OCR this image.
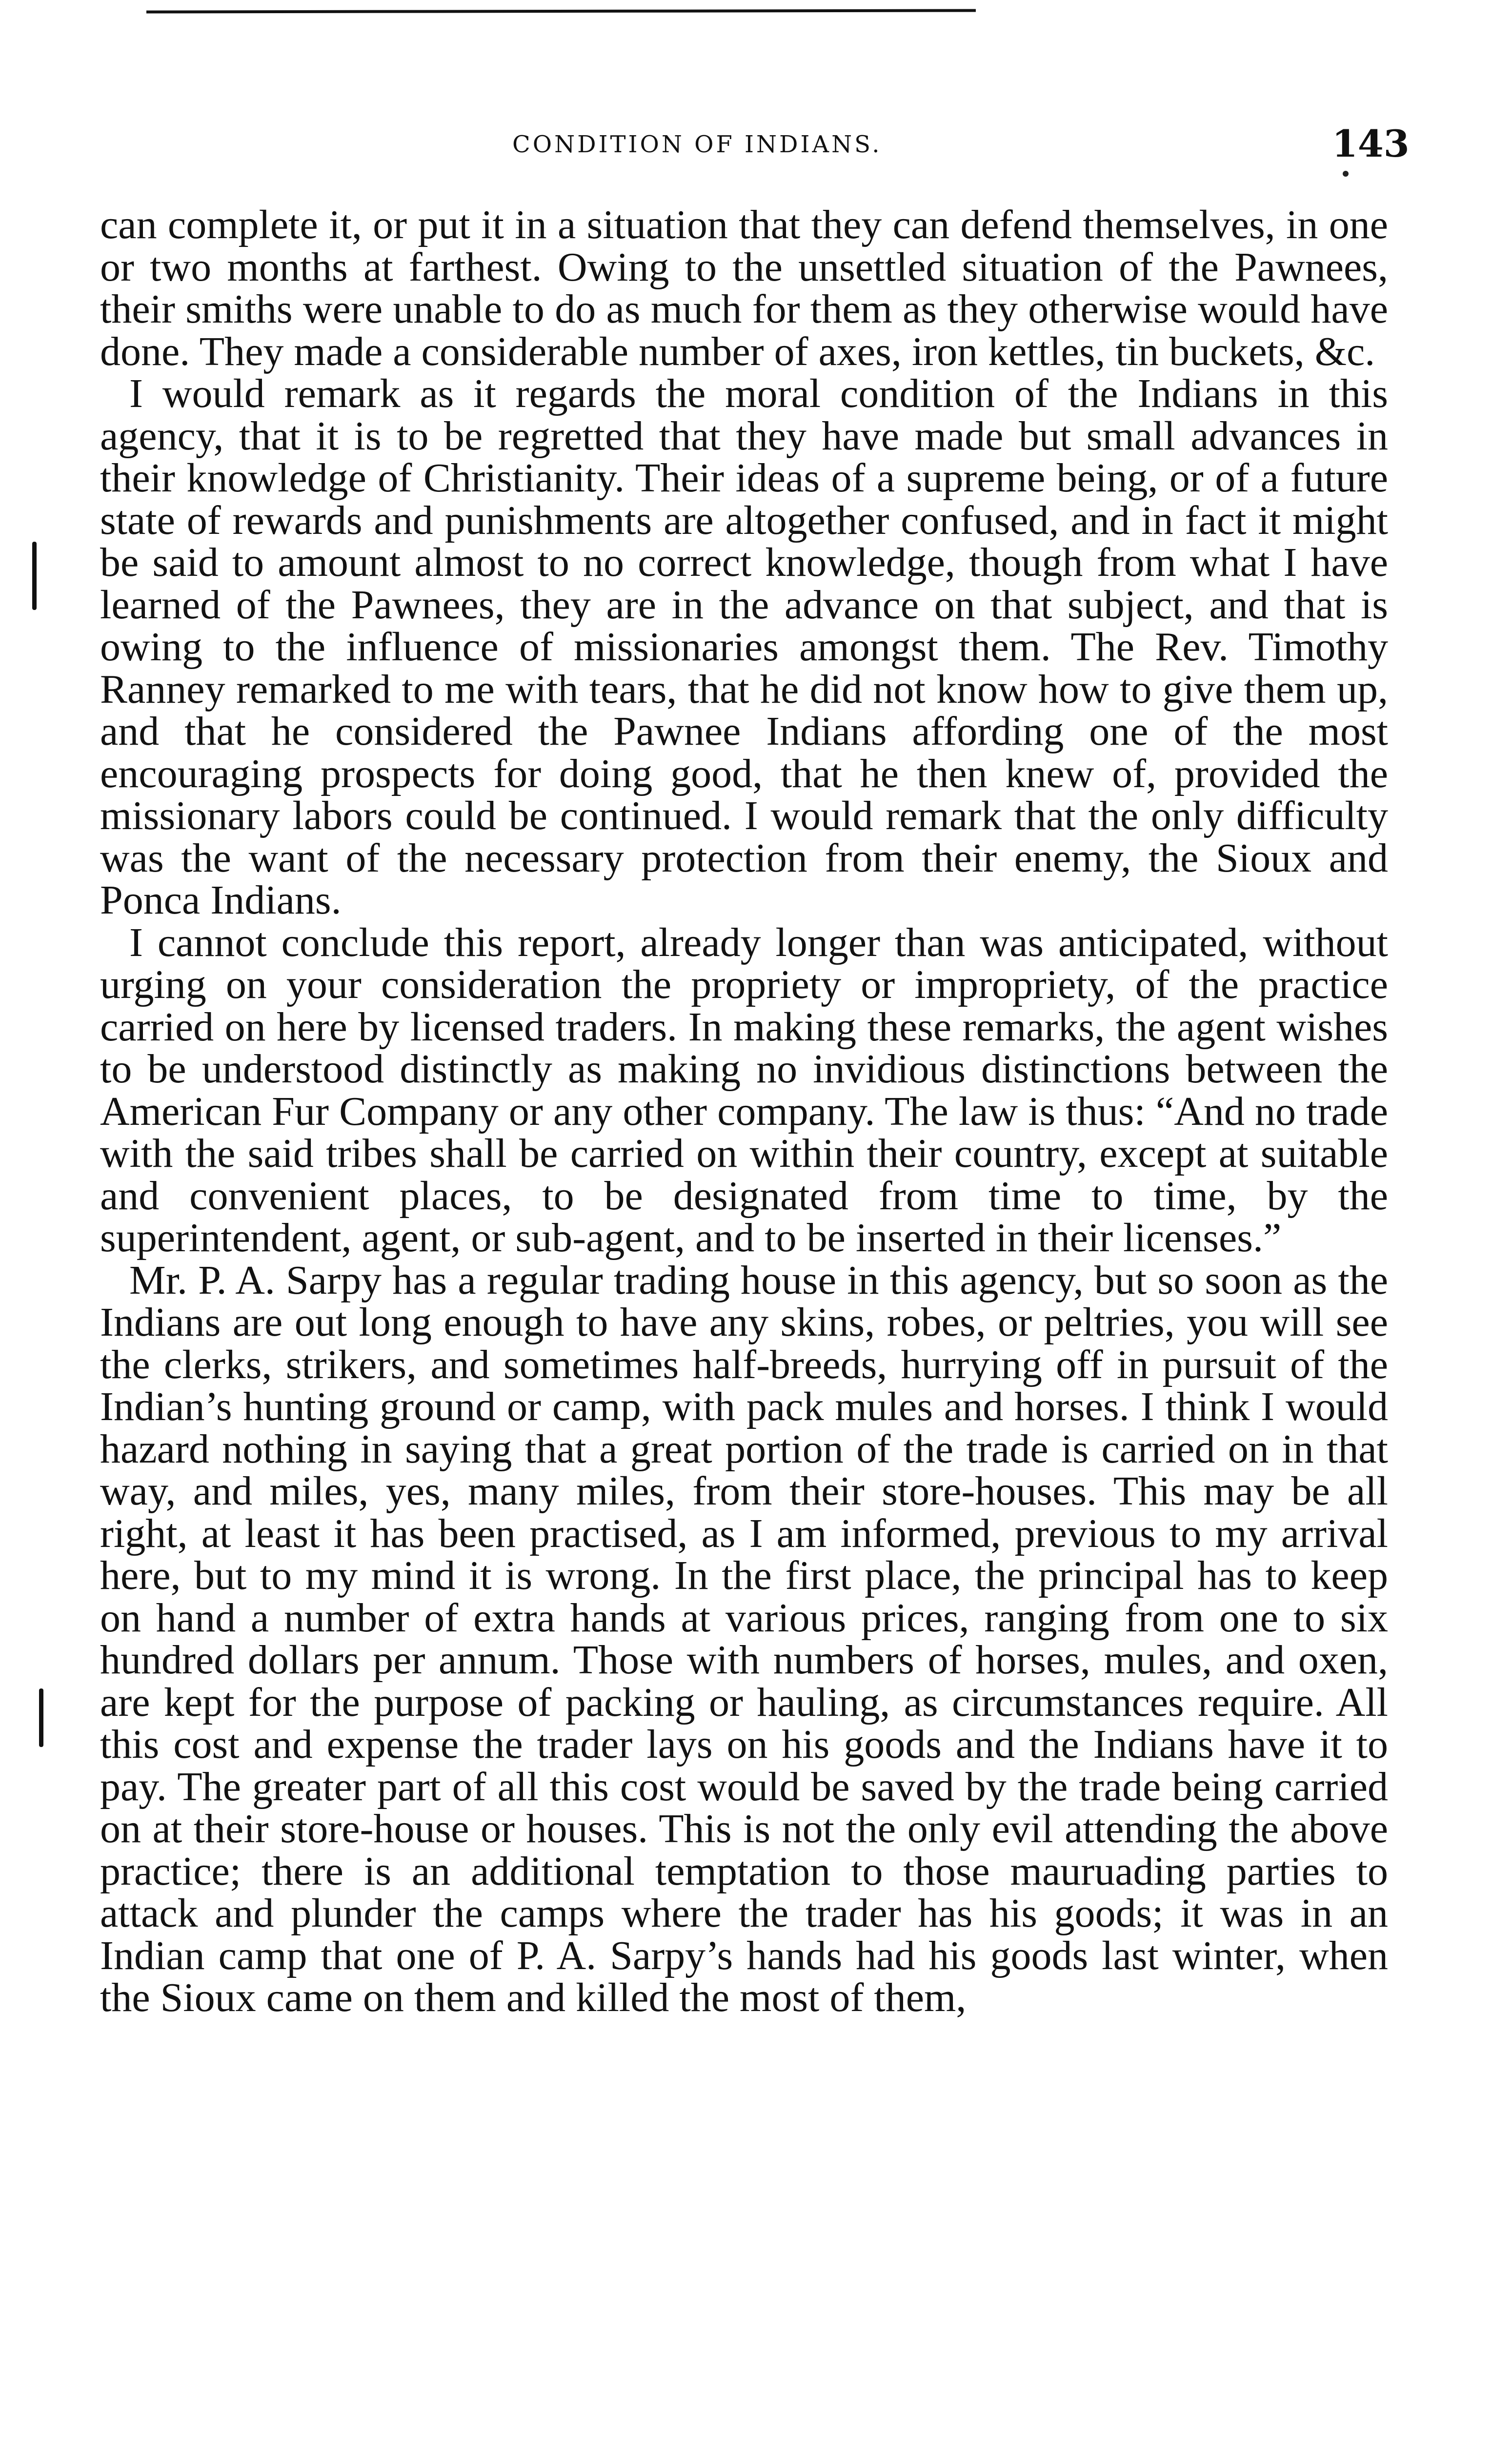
CONDITION OF INDIANS.	143

can complete it, or put it in a situation that they can defend themselves, in one or two months at farthest. Owing to the unsettled situation of the Pawnees, their smiths were unable to do as much for them as they otherwise would have done. They made a considerable number of axes, iron kettles, tin buckets, &c.

I would remark as it regards the moral condition of the Indians in this agency, that it is to be regretted that they have made but small advances in their knowledge of Christianity. Their ideas of a supreme being, or of a future state of rewards and punishments are altogether confused, and in fact it might be said to amount almost to no correct knowledge, though from what I have learned of the Pawnees, they are in the advance on that subject, and that is owing to the influence of missionaries amongst them. The Rev. Timothy Ranney remarked to me with tears, that he did not know how to give them up, and that he considered the Pawnee Indians affording one of the most encouraging prospects for doing good, that he then knew of, provided the missionary labors could be continued. I would remark that the only difficulty was the want of the necessary protection from their enemy, the Sioux and Ponca Indians.

I cannot conclude this report, already longer than was anticipated, without urging on your consideration the propriety or impropriety, of the practice carried on here by licensed traders. In making these remarks, the agent wishes to be understood distinctly as making no invidious distinctions between the American Fur Company or any other company. The law is thus: “And no trade with the said tribes shall be carried on within their country, except at suitable and convenient places, to be designated from time to time, by the superintendent, agent, or sub-agent, and to be inserted in their licenses.”

Mr. P. A. Sarpy has a regular trading house in this agency, but so soon as the Indians are out long enough to have any skins, robes, or peltries, you will see the clerks, strikers, and sometimes half-breeds, hurrying off in pursuit of the Indian’s hunting ground or camp, with pack mules and horses. I think I would hazard nothing in saying that a great portion of the trade is carried on in that way, and miles, yes, many miles, from their store-houses. This may be all right, at least it has been practised, as I am informed, previous to my arrival here, but to my mind it is wrong. In the first place, the principal has to keep on hand a number of extra hands at various prices, ranging from one to six hundred dollars per annum. Those with numbers of horses, mules, and oxen, are kept for the purpose of packing or hauling, as circumstances require. All this cost and expense the trader lays on his goods and the Indians have it to pay. The greater part of all this cost would be saved by the trade being carried on at their store-house or houses. This is not the only evil attending the above practice; there is an additional temptation to those mauruading parties to attack and plunder the camps where the trader has his goods; it was in an Indian camp that one of P. A. Sarpy’s hands had his goods last winter, when the Sioux came on them and killed the most of them,
